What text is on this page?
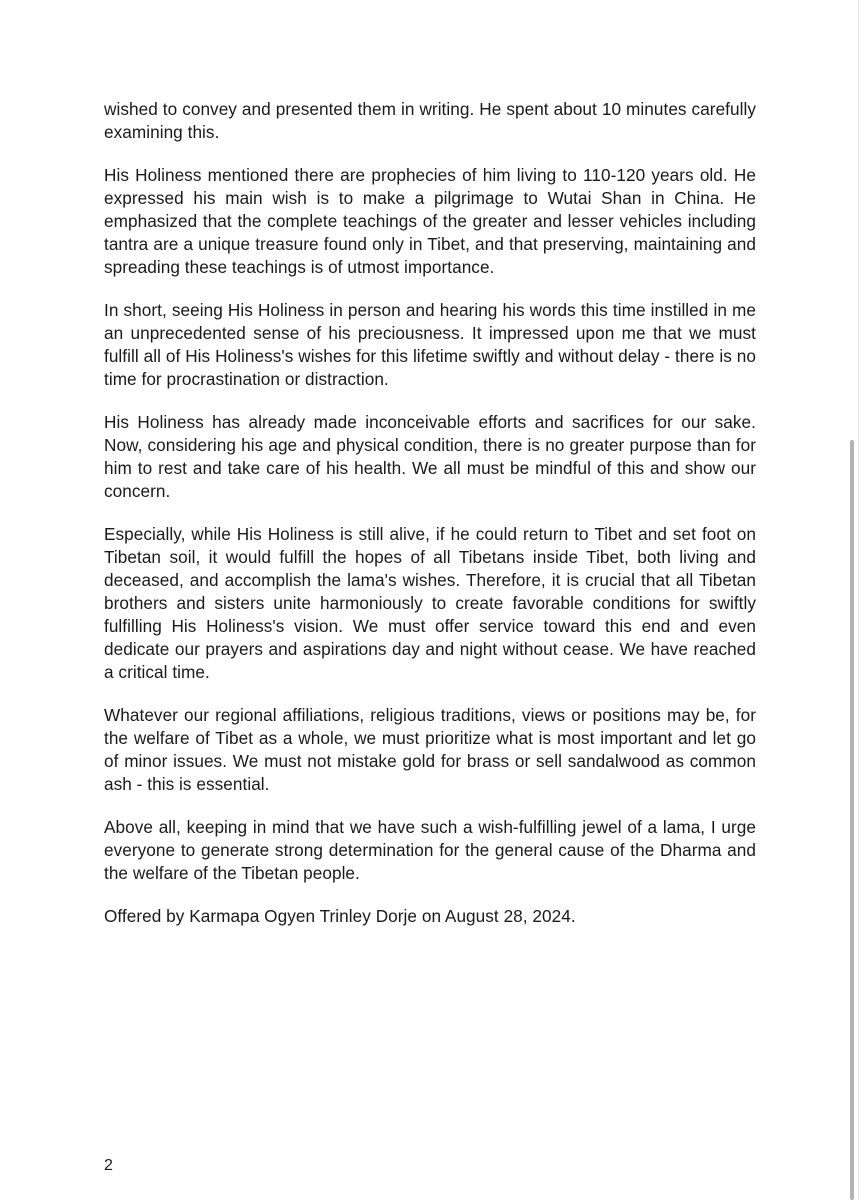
wished to convey and presented them in writing. He spent about 10 minutes carefully examining this.

His Holiness mentioned there are prophecies of him living to 110-120 years old. He expressed his main wish is to make a pilgrimage to Wutai Shan in China. He emphasized that the complete teachings of the greater and lesser vehicles including tantra are a unique treasure found only in Tibet, and that preserving, maintaining and spreading these teachings is of utmost importance.

In short, seeing His Holiness in person and hearing his words this time instilled in me an unprecedented sense of his preciousness. It impressed upon me that we must fulfill all of His Holiness's wishes for this lifetime swiftly and without delay - there is no time for procrastination or distraction.

His Holiness has already made inconceivable efforts and sacrifices for our sake. Now, considering his age and physical condition, there is no greater purpose than for him to rest and take care of his health. We all must be mindful of this and show our concern.

Especially, while His Holiness is still alive, if he could return to Tibet and set foot on Tibetan soil, it would fulfill the hopes of all Tibetans inside Tibet, both living and deceased, and accomplish the lama's wishes. Therefore, it is crucial that all Tibetan brothers and sisters unite harmoniously to create favorable conditions for swiftly fulfilling His Holiness's vision. We must offer service toward this end and even dedicate our prayers and aspirations day and night without cease. We have reached a critical time.

Whatever our regional affiliations, religious traditions, views or positions may be, for the welfare of Tibet as a whole, we must prioritize what is most important and let go of minor issues. We must not mistake gold for brass or sell sandalwood as common ash - this is essential.

Above all, keeping in mind that we have such a wish-fulfilling jewel of a lama, I urge everyone to generate strong determination for the general cause of the Dharma and the welfare of the Tibetan people.

Offered by Karmapa Ogyen Trinley Dorje on August 28, 2024.

2
